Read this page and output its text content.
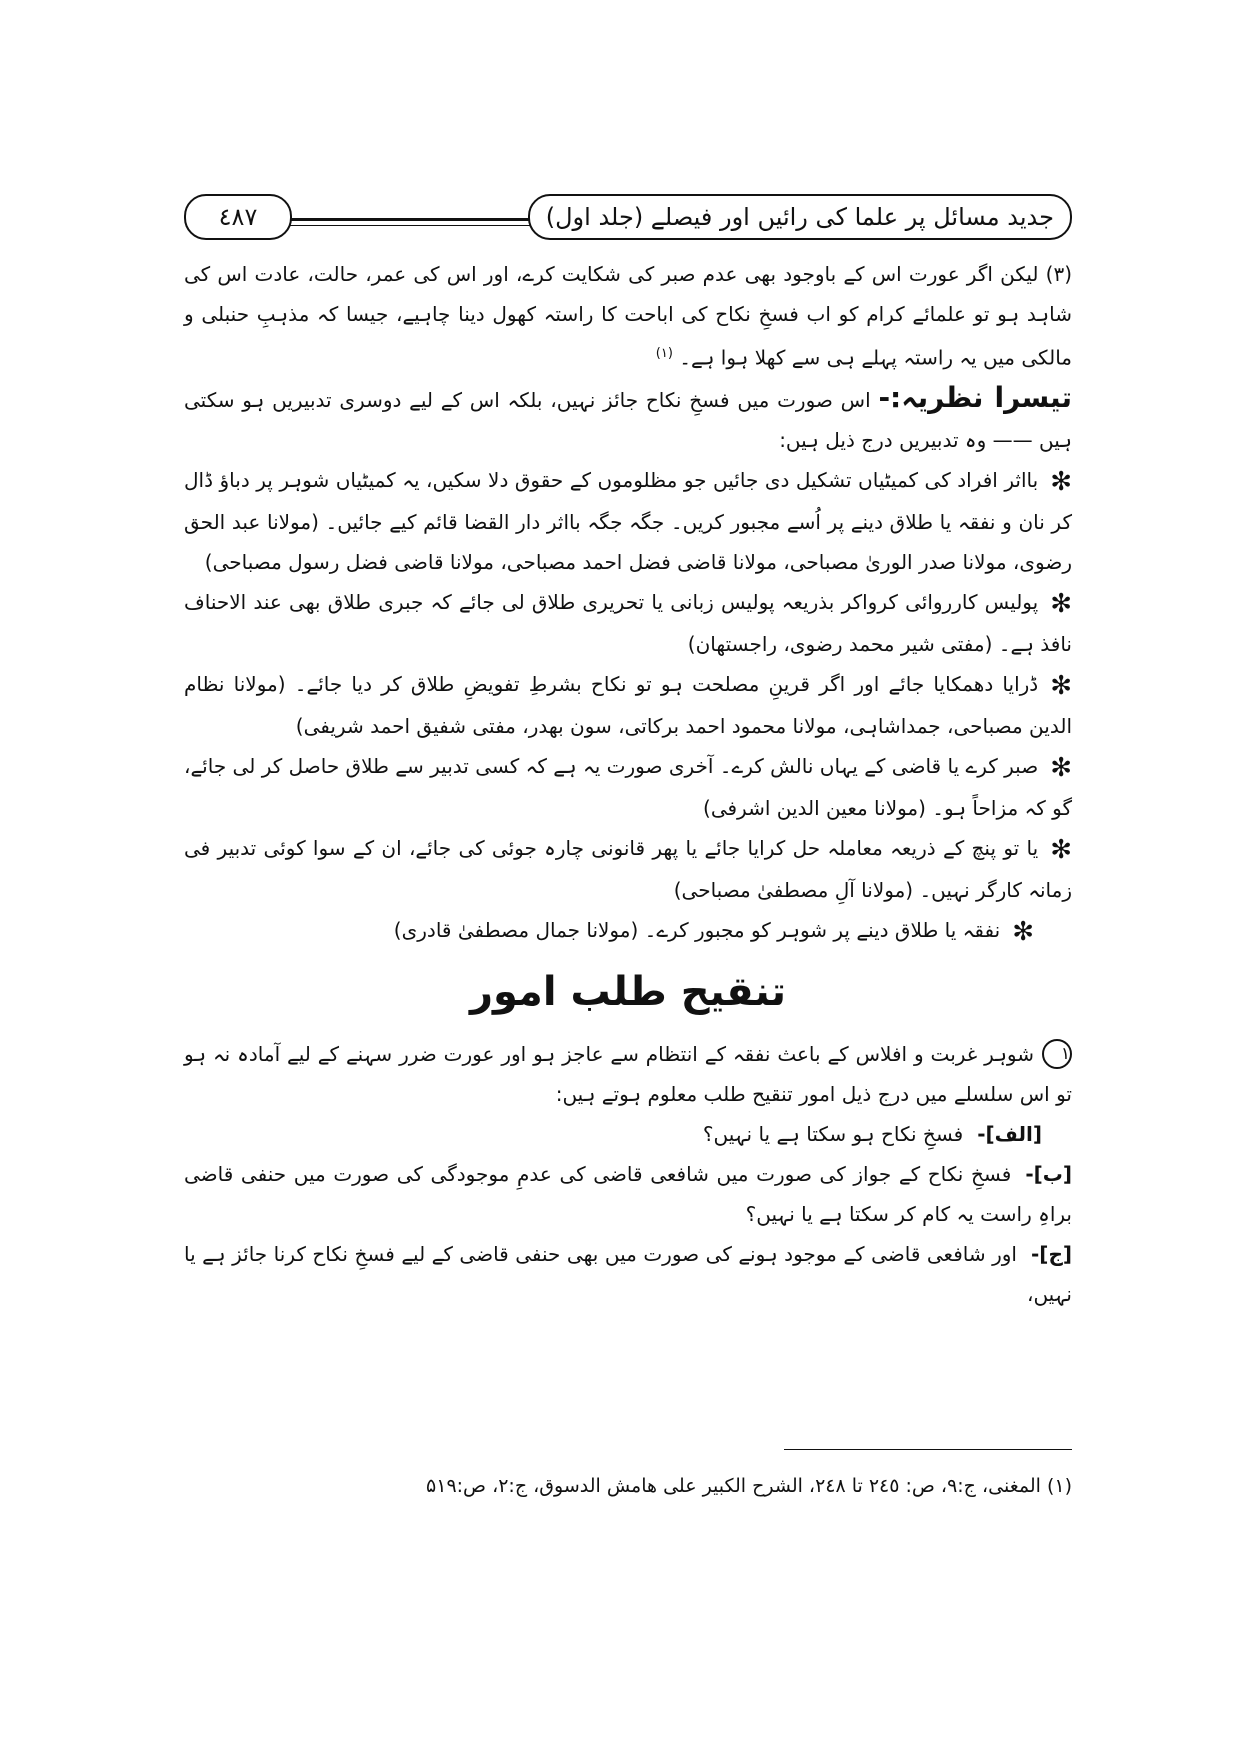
جدید مسائل پر علما کی رائیں اور فیصلے (جلد اول)
٤٨٧

(۳) لیکن اگر عورت اس کے باوجود بھی عدم صبر کی شکایت کرے، اور اس کی عمر، حالت، عادت اس کی شاہد ہو تو علمائے کرام کو اب فسخِ نکاح کی اباحت کا راستہ کھول دینا چاہیے، جیسا کہ مذہبِ حنبلی و مالکی میں یہ راستہ پہلے ہی سے کھلا ہوا ہے۔ $^{(۱)}$

تیسرا نظریہ:- اس صورت میں فسخِ نکاح جائز نہیں، بلکہ اس کے لیے دوسری تدبیریں ہو سکتی ہیں —— وہ تدبیریں درج ذیل ہیں:

✻بااثر افراد کی کمیٹیاں تشکیل دی جائیں جو مظلوموں کے حقوق دلا سکیں، یہ کمیٹیاں شوہر پر دباؤ ڈال کر نان و نفقہ یا طلاق دینے پر اُسے مجبور کریں۔ جگہ جگہ بااثر دار القضا قائم کیے جائیں۔ (مولانا عبد الحق رضوی، مولانا صدر الوریٰ مصباحی، مولانا قاضی فضل احمد مصباحی، مولانا قاضی فضل رسول مصباحی)

✻پولیس کارروائی کرواکر بذریعہ پولیس زبانی یا تحریری طلاق لی جائے کہ جبری طلاق بھی عند الاحناف نافذ ہے۔ (مفتی شیر محمد رضوی، راجستھان)

✻ڈرایا دھمکایا جائے اور اگر قرینِ مصلحت ہو تو نکاح بشرطِ تفویضِ طلاق کر دیا جائے۔ (مولانا نظام الدین مصباحی، جمداشاہی، مولانا محمود احمد برکاتی، سون بھدر، مفتی شفیق احمد شریفی)

✻صبر کرے یا قاضی کے یہاں نالش کرے۔ آخری صورت یہ ہے کہ کسی تدبیر سے طلاق حاصل کر لی جائے، گو کہ مزاحاً ہو۔ (مولانا معین الدین اشرفی)

✻یا تو پنچ کے ذریعہ معاملہ حل کرایا جائے یا پھر قانونی چارہ جوئی کی جائے، ان کے سوا کوئی تدبیر فی زمانہ کارگر نہیں۔ (مولانا آلِ مصطفیٰ مصباحی)

✻نفقہ یا طلاق دینے پر شوہر کو مجبور کرے۔ (مولانا جمال مصطفیٰ قادری)

تنقیح طلب امور

۱شوہر غربت و افلاس کے باعث نفقہ کے انتظام سے عاجز ہو اور عورت ضرر سہنے کے لیے آمادہ نہ ہو تو اس سلسلے میں درج ذیل امور تنقیح طلب معلوم ہوتے ہیں:

[الف]-فسخِ نکاح ہو سکتا ہے یا نہیں؟

[ب]-فسخِ نکاح کے جواز کی صورت میں شافعی قاضی کی عدمِ موجودگی کی صورت میں حنفی قاضی براہِ راست یہ کام کر سکتا ہے یا نہیں؟

[ج]-اور شافعی قاضی کے موجود ہونے کی صورت میں بھی حنفی قاضی کے لیے فسخِ نکاح کرنا جائز ہے یا نہیں،

(۱) المغنی، ج:۹، ص: ۲٤٥ تا ۲٤٨، الشرح الکبیر علی ھامش الدسوق، ج:۲، ص:۵۱۹
